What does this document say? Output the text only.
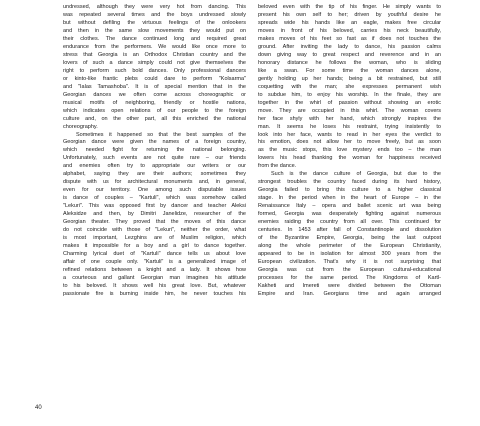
undressed, although they were very hot from dancing. This
was repeated several times and the boys undressed slowly
but without defiling the virtuous feelings of the onlookers
and then in the same slow movements they would put on
their clothes. The dance continued long and required great
endurance from the performers. We would like once more to
stress that Georgia is an Orthodox Christian country and the
lovers of such a dance simply could not give themselves the
right to perform such bold dances. Only professional dancers
or kinto-like frantic plebs could dare to perform "Kolsarma"
and "Ialas Tamashoba". It is of special mention that in the
Georgian dances we often come across choreographic or
musical motifs of neighboring, friendly or hostile nations,
which indicates open relations of our people to the foreign
culture and, on the other part, all this enriched the national
choreography.
Sometimes it happened so that the best samples of the
Georgian dance were given the names of a foreign country,
which needed fight for returning the national belonging.
Unfortunately, such events are not quite rare – our friends
and enemies often try to appropriate our writers or our
alphabet, saying they are their authors; sometimes they
dispute with us for architectural monuments and, in general,
even for our territory. One among such disputable issues
is dance of couples – "Kartuli", which was somehow called
"Lekuri". This was opposed first by dancer and teacher Aleksi
Aleksidze and then, by Dimitri Janelidze, researcher of the
Georgian theater. They proved that the moves of this dance
do not coincide with those of "Lekuri", neither the order, what
is most important, Lezghins are of Muslim religion, which
makes it impossible for a boy and a girl to dance together.
Charming lyrical duet of "Kartuli" dance tells us about love
affair of one couple only. "Kartuli" is a generalized image of
refined relations between a knight and a lady. It shows how
a courteous and gallant Georgian man imagines his attitude
to his beloved. It shows well his great love. But, whatever
passionate fire is burning inside him, he never touches his
beloved even with the tip of his finger. He simply wants to
present his own self to her; driven by youthful desire he
spreads wide his hands like an eagle, makes free circular
moves in front of his beloved, carries his neck beautifully,
makes moves of his feet so fast as if does not touches the
ground. After inviting the lady to dance, his passion calms
down giving way to great respect and reverence and in an
honorary distance he follows the woman, who is sliding
like a swan. For some time the woman dances alone,
gently holding up her hands; being a bit restrained, but still
coquetting with the man; she expresses permanent wish
to subdue him, to enjoy his worship. In the finale, they are
together in the whirl of passion without showing an erotic
move. They are occupied in this whirl. The woman covers
her face shyly with her hand, which strongly inspires the
man. It seems he loses his restraint, trying insistently to
look into her face, wants to read in her eyes the verdict to
his emotion, does not allow her to move freely, but as soon
as the music stops, this love mystery ends too – the man
lowers his head thanking the woman for happiness received
from the dance.
Such is the dance culture of Georgia, but due to the
strongest troubles the country faced during its hard history,
Georgia failed to bring this culture to a higher classical
stage. In the period when in the heart of Europe – in the
Renaissance Italy – opera and ballet scenic art was being
formed, Georgia was desperately fighting against numerous
enemies raiding the country from all over. This continued for
centuries. In 1453 after fall of Constantinople and dissolution
of the Byzantine Empire, Georgia, being the last outpost
along the whole perimeter of the European Christianity,
appeared to be in isolation for almost 300 years from the
European civilization. That's why it is not surprising that
Georgia was cut from the European cultural-educational
processes for the same period. The Kingdoms of Kartl-
Kakheti and Imereti were divided between the Ottoman
Empire and Iran. Georgians time and again arranged
40
